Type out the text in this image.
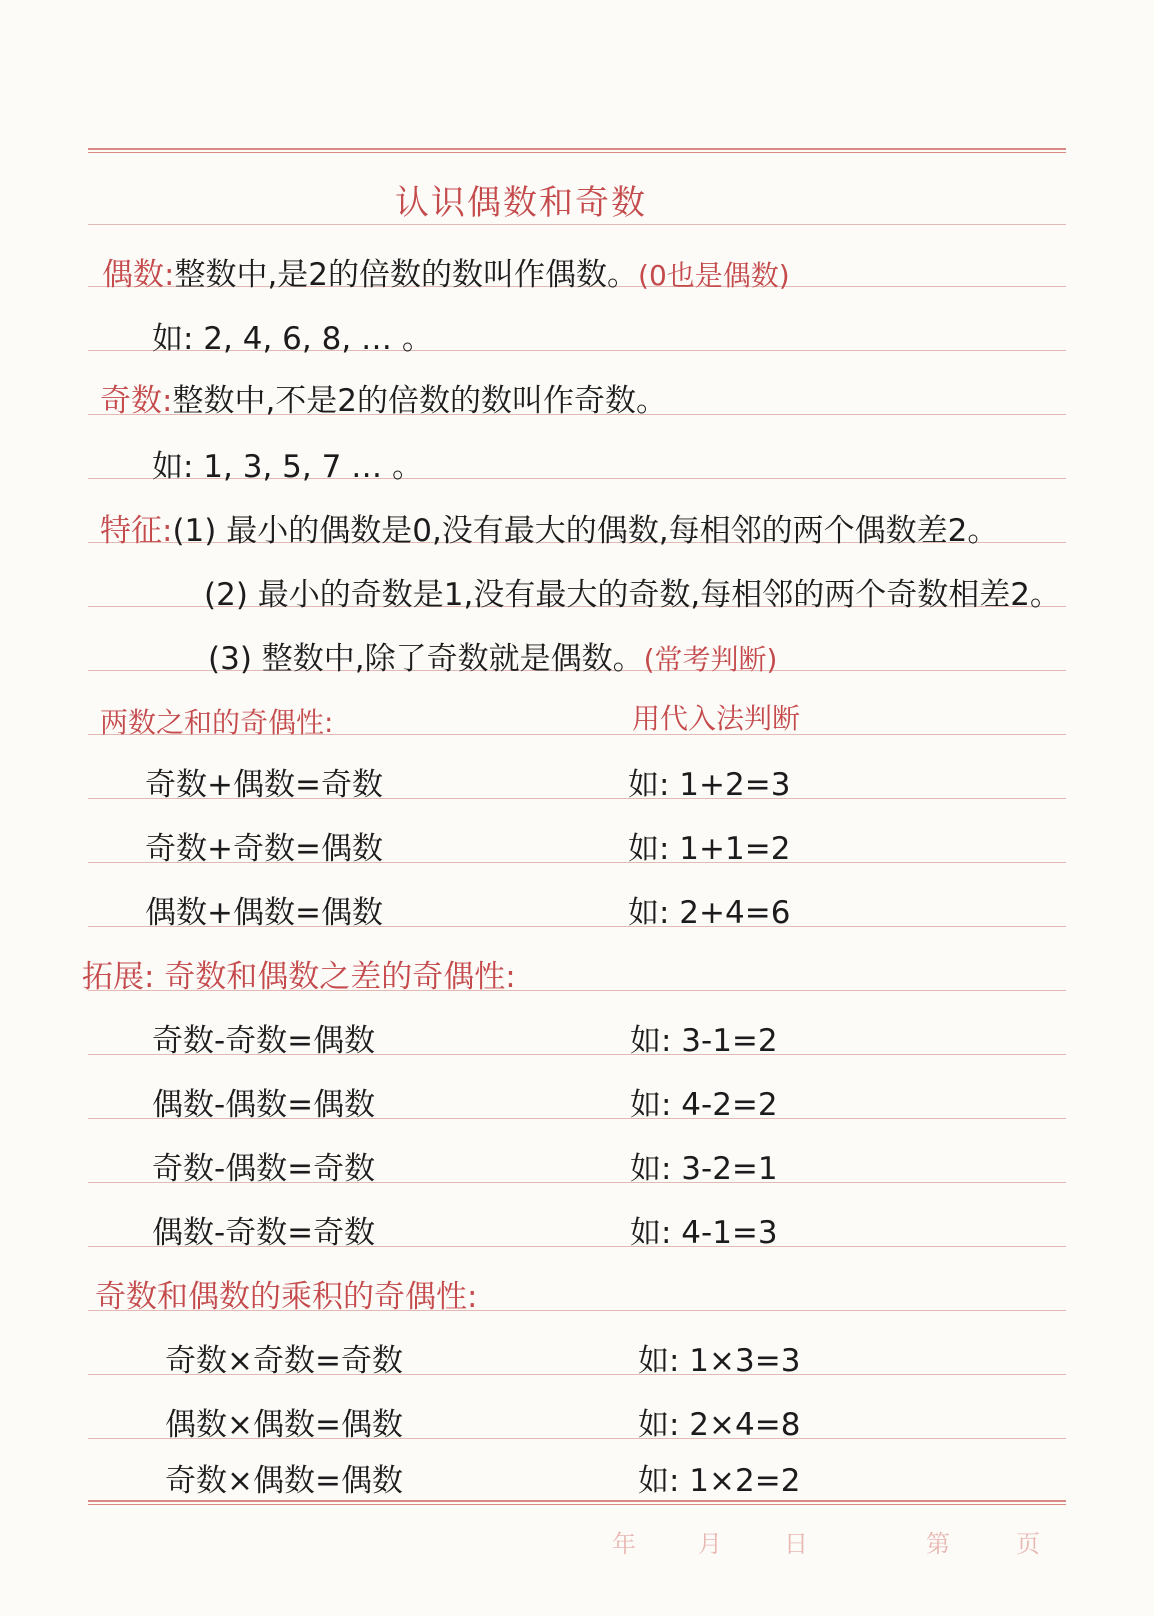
认识偶数和奇数
偶数:整数中,是2的倍数的数叫作偶数。(0也是偶数)
如: 2, 4, 6, 8, … 。
奇数:整数中,不是2的倍数的数叫作奇数。
如: 1, 3, 5, 7 … 。
特征:(1) 最小的偶数是0,没有最大的偶数,每相邻的两个偶数差2。
(2) 最小的奇数是1,没有最大的奇数,每相邻的两个奇数相差2。
(3) 整数中,除了奇数就是偶数。(常考判断)
两数之和的奇偶性:	用代入法判断
奇数+偶数=奇数	如: 1+2=3
奇数+奇数=偶数	如: 1+1=2
偶数+偶数=偶数	如: 2+4=6
拓展: 奇数和偶数之差的奇偶性:
奇数-奇数=偶数	如: 3-1=2
偶数-偶数=偶数	如: 4-2=2
奇数-偶数=奇数	如: 3-2=1
偶数-奇数=奇数	如: 4-1=3
奇数和偶数的乘积的奇偶性:
奇数×奇数=奇数	如: 1×3=3
偶数×偶数=偶数	如: 2×4=8
奇数×偶数=偶数	如: 1×2=2
年	月	日	第	页
